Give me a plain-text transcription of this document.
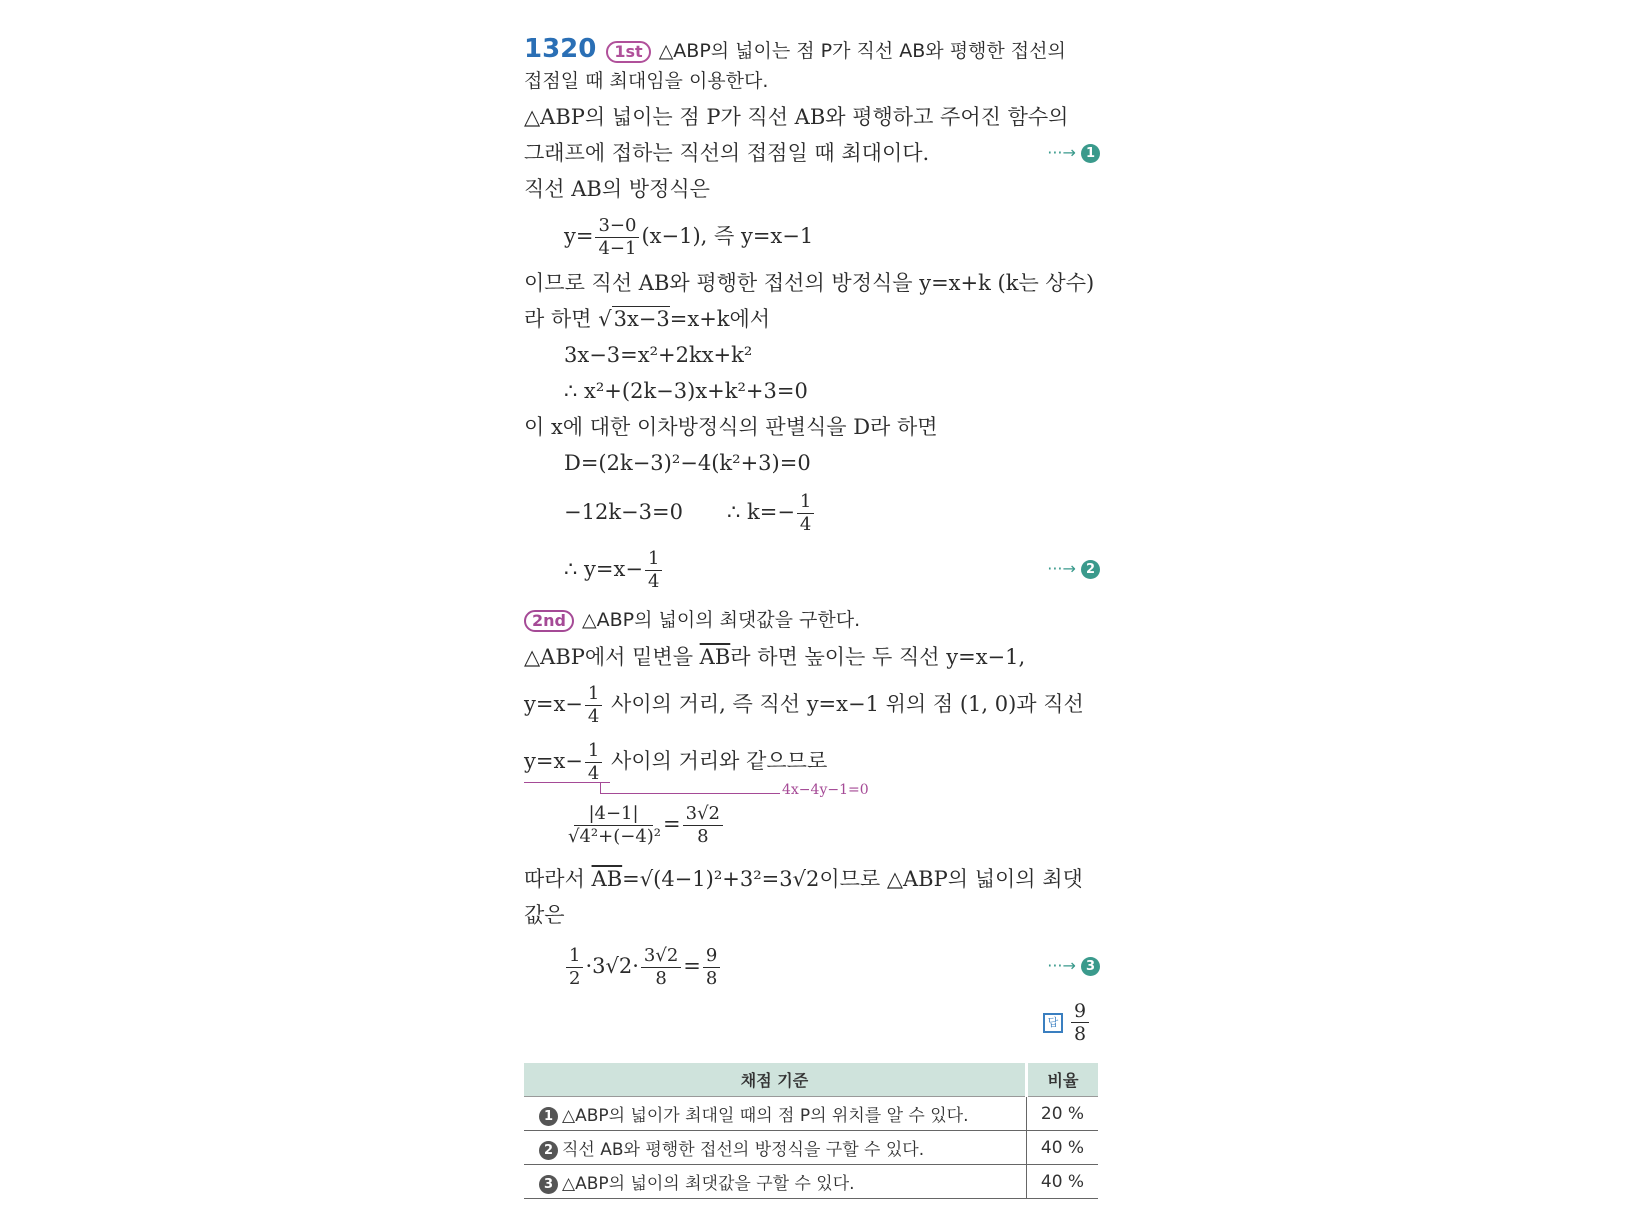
1320 1st △ABP의 넓이는 점 P가 직선 AB와 평행한 접선의
접점일 때 최대임을 이용한다.
△ABP의 넓이는 점 P가 직선 AB와 평행하고 주어진 함수의
그래프에 접하는 직선의 접점일 때 최대이다.	···→ 1
직선 AB의 방정식은
$y= \frac{3-0}{4-1} (x-1)$, 즉 y=x−1
이므로 직선 AB와 평행한 접선의 방정식을 y=x+k (k는 상수)
라 하면 √3x−3=x+k에서
3x−3=x²+2kx+k²
∴ x²+(2k−3)x+k²+3=0
이 x에 대한 이차방정식의 판별식을 D라 하면
D=(2k−3)²−4(k²+3)=0
−12k−3=0 ∴ $k=- \frac{1}{4}$
∴ $y=x- \frac{1}{4}$	···→ 2
2nd △ABP의 넓이의 최댓값을 구한다.
△ABP에서 밑변을 $\overline{AB}$라 하면 높이는 두 직선 y=x−1,
$y=x- \frac{1}{4}$ 사이의 거리, 즉 직선 y=x−1 위의 점 (1, 0)과 직선
$y=x- \frac{1}{4}$ 사이의 거리와 같으므로
4x−4y−1=0
$\frac{|4-1|}{\text{√4²+(−4)²}} = \frac{3√2}{8}$
따라서 $\overline{AB}=√(4-1)^2+3^2=3√2$이므로 △ABP의 넓이의 최댓
값은
$\frac{1}{2} \cdot 3√2\cdot \frac{3√2}{8} = \frac{9}{8}$	···→ 3
답 $\frac{9}{8}$
채점 기준	비율
1 △ABP의 넓이가 최대일 때의 점 P의 위치를 알 수 있다.	20 %
2 직선 AB와 평행한 접선의 방정식을 구할 수 있다.	40 %
3 △ABP의 넓이의 최댓값을 구할 수 있다.	40 %
